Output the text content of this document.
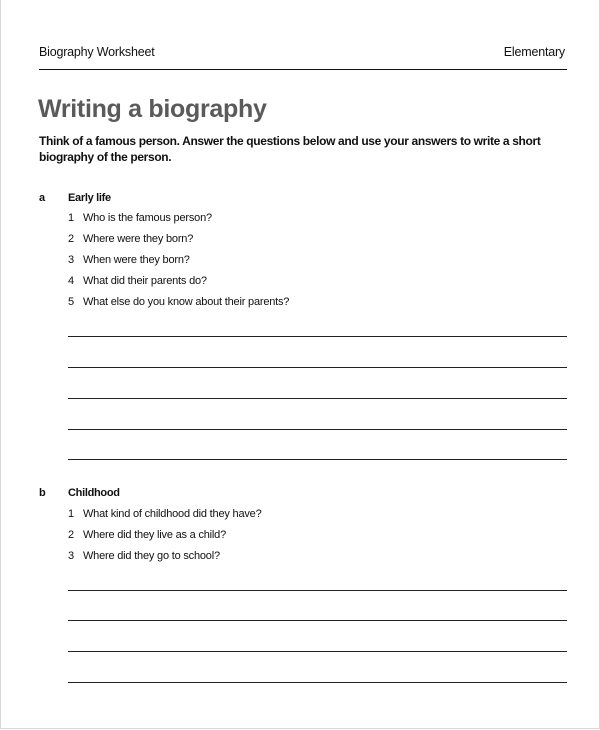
Biography Worksheet	Elementary
Writing a biography
Think of a famous person. Answer the questions below and use your answers to write a short
biography of the person.
a Early life
1 Who is the famous person?
2 Where were they born?
3 When were they born?
4 What did their parents do?
5 What else do you know about their parents?
b Childhood
1 What kind of childhood did they have?
2 Where did they live as a child?
3 Where did they go to school?
